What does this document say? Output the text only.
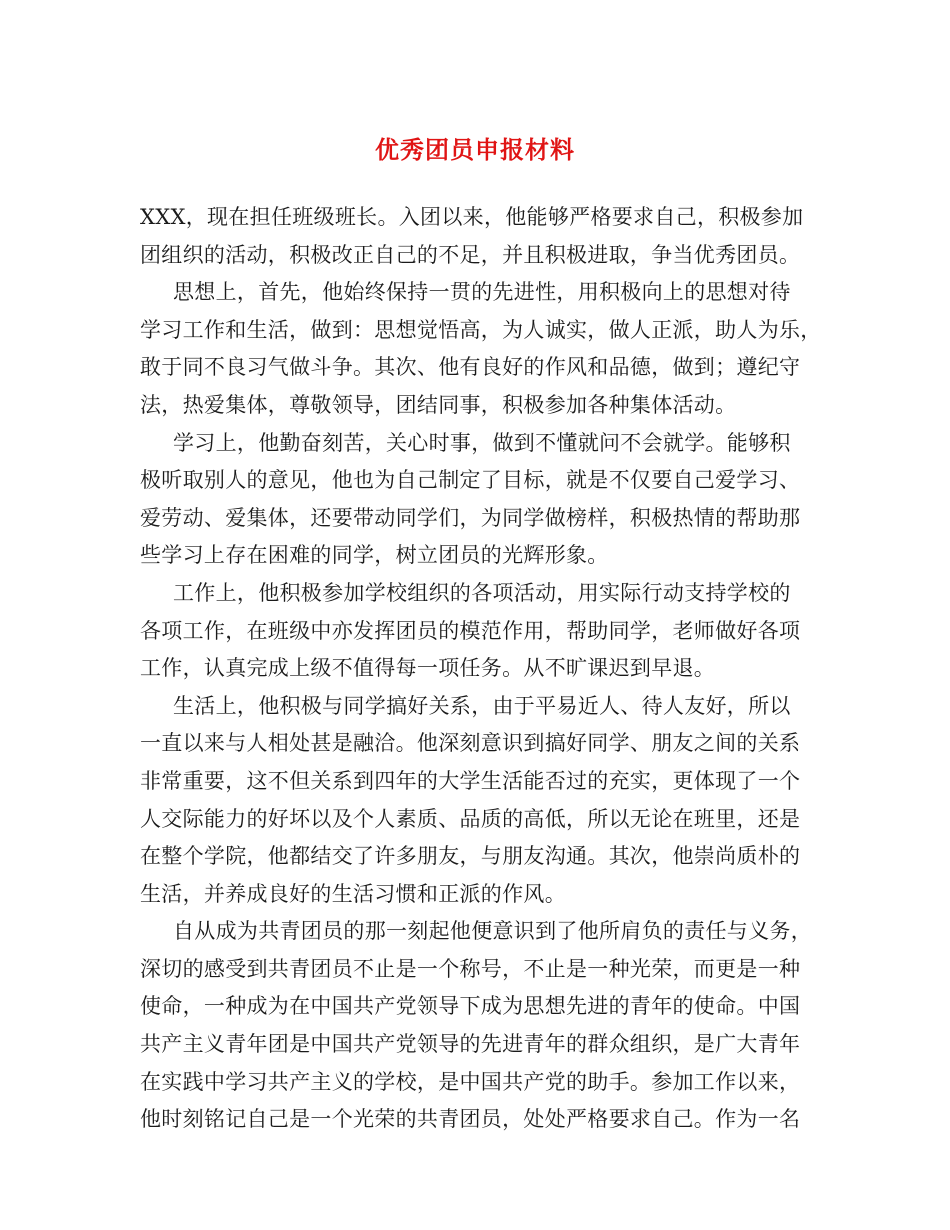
优秀团员申报材料
XXX，现在担任班级班长。入团以来，他能够严格要求自己，积极参加
团组织的活动，积极改正自己的不足，并且积极进取，争当优秀团员。
思想上，首先，他始终保持一贯的先进性，用积极向上的思想对待
学习工作和生活，做到：思想觉悟高，为人诚实，做人正派，助人为乐，
敢于同不良习气做斗争。其次、他有良好的作风和品德，做到；遵纪守
法，热爱集体，尊敬领导，团结同事，积极参加各种集体活动。
学习上，他勤奋刻苦，关心时事，做到不懂就问不会就学。能够积
极听取别人的意见，他也为自己制定了目标，就是不仅要自己爱学习、
爱劳动、爱集体，还要带动同学们，为同学做榜样，积极热情的帮助那
些学习上存在困难的同学，树立团员的光辉形象。
工作上，他积极参加学校组织的各项活动，用实际行动支持学校的
各项工作，在班级中亦发挥团员的模范作用，帮助同学，老师做好各项
工作，认真完成上级不值得每一项任务。从不旷课迟到早退。
生活上，他积极与同学搞好关系，由于平易近人、待人友好，所以
一直以来与人相处甚是融洽。他深刻意识到搞好同学、朋友之间的关系
非常重要，这不但关系到四年的大学生活能否过的充实，更体现了一个
人交际能力的好坏以及个人素质、品质的高低，所以无论在班里，还是
在整个学院，他都结交了许多朋友，与朋友沟通。其次，他崇尚质朴的
生活，并养成良好的生活习惯和正派的作风。
自从成为共青团员的那一刻起他便意识到了他所肩负的责任与义务，
深切的感受到共青团员不止是一个称号，不止是一种光荣，而更是一种
使命，一种成为在中国共产党领导下成为思想先进的青年的使命。中国
共产主义青年团是中国共产党领导的先进青年的群众组织，是广大青年
在实践中学习共产主义的学校，是中国共产党的助手。参加工作以来，
他时刻铭记自己是一个光荣的共青团员，处处严格要求自己。作为一名
